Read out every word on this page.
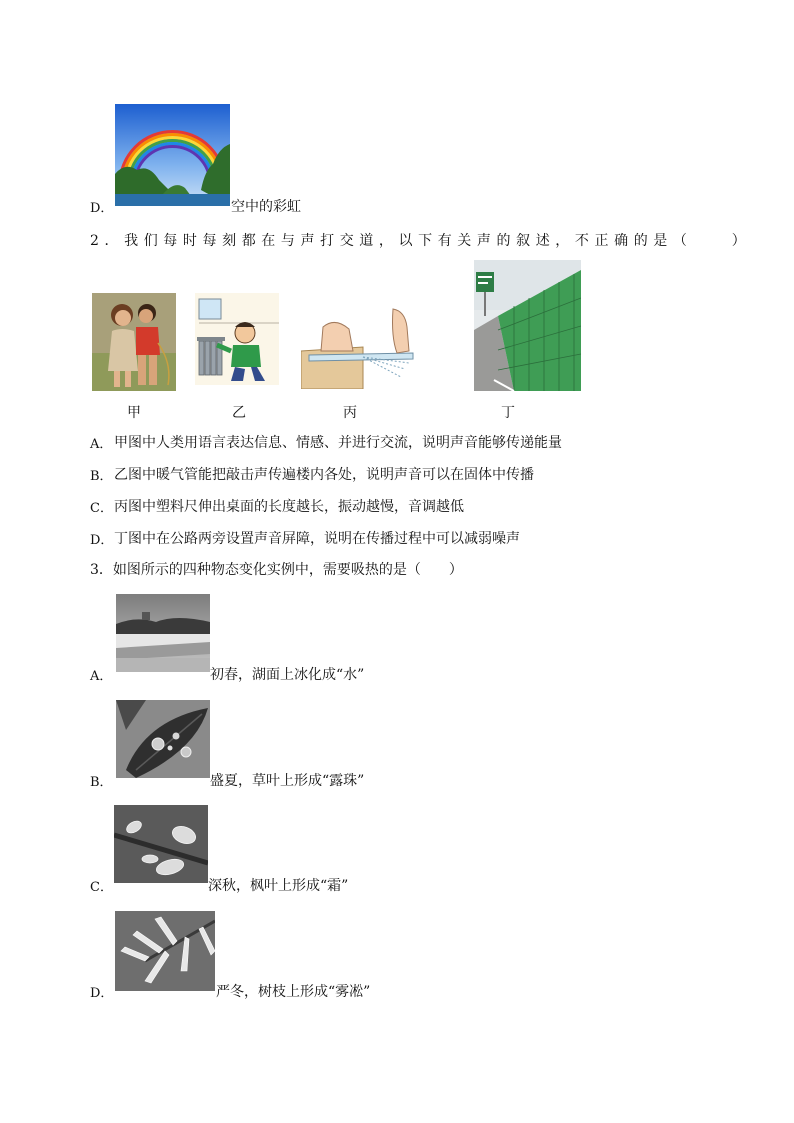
D．	空中的彩虹
2．我们每时每刻都在与声打交道，以下有关声的叙述，不正确的是（　　）
甲	乙	丙	丁
A． 甲图中人类用语言表达信息、情感、并进行交流，说明声音能够传递能量
B． 乙图中暖气管能把敲击声传遍楼内各处，说明声音可以在固体中传播
C． 丙图中塑料尺伸出桌面的长度越长，振动越慢，音调越低
D． 丁图中在公路两旁设置声音屏障，说明在传播过程中可以减弱噪声
3．如图所示的四种物态变化实例中，需要吸热的是（　　）
A．	初春，湖面上冰化成“水”
B．	盛夏，草叶上形成“露珠”
C．	深秋，枫叶上形成“霜”
D．	严冬，树枝上形成“雾凇”
